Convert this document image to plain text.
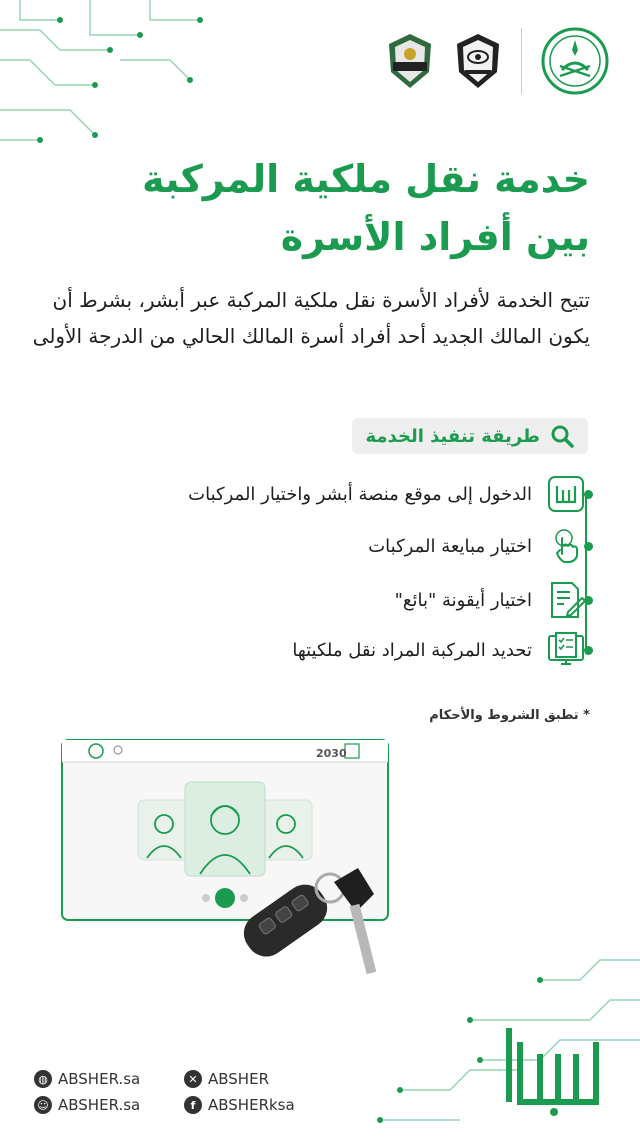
خدمة نقل ملكية المركبة
بين أفراد الأسرة

تتيح الخدمة لأفراد الأسرة نقل ملكية المركبة عبر أبشر، بشرط أن يكون المالك الجديد أحد أفراد أسرة المالك الحالي من الدرجة الأولى

طريقة تنفيذ الخدمة
الدخول إلى موقع منصة أبشر واختيار المركبات
اختيار مبايعة المركبات
اختيار أيقونة "بائع"
تحديد المركبة المراد نقل ملكيتها
* تطبق الشروط والأحكام
2030
◍ ABSHER.sa	✕ ABSHER
☺ ABSHER.sa	f ABSHERksa
